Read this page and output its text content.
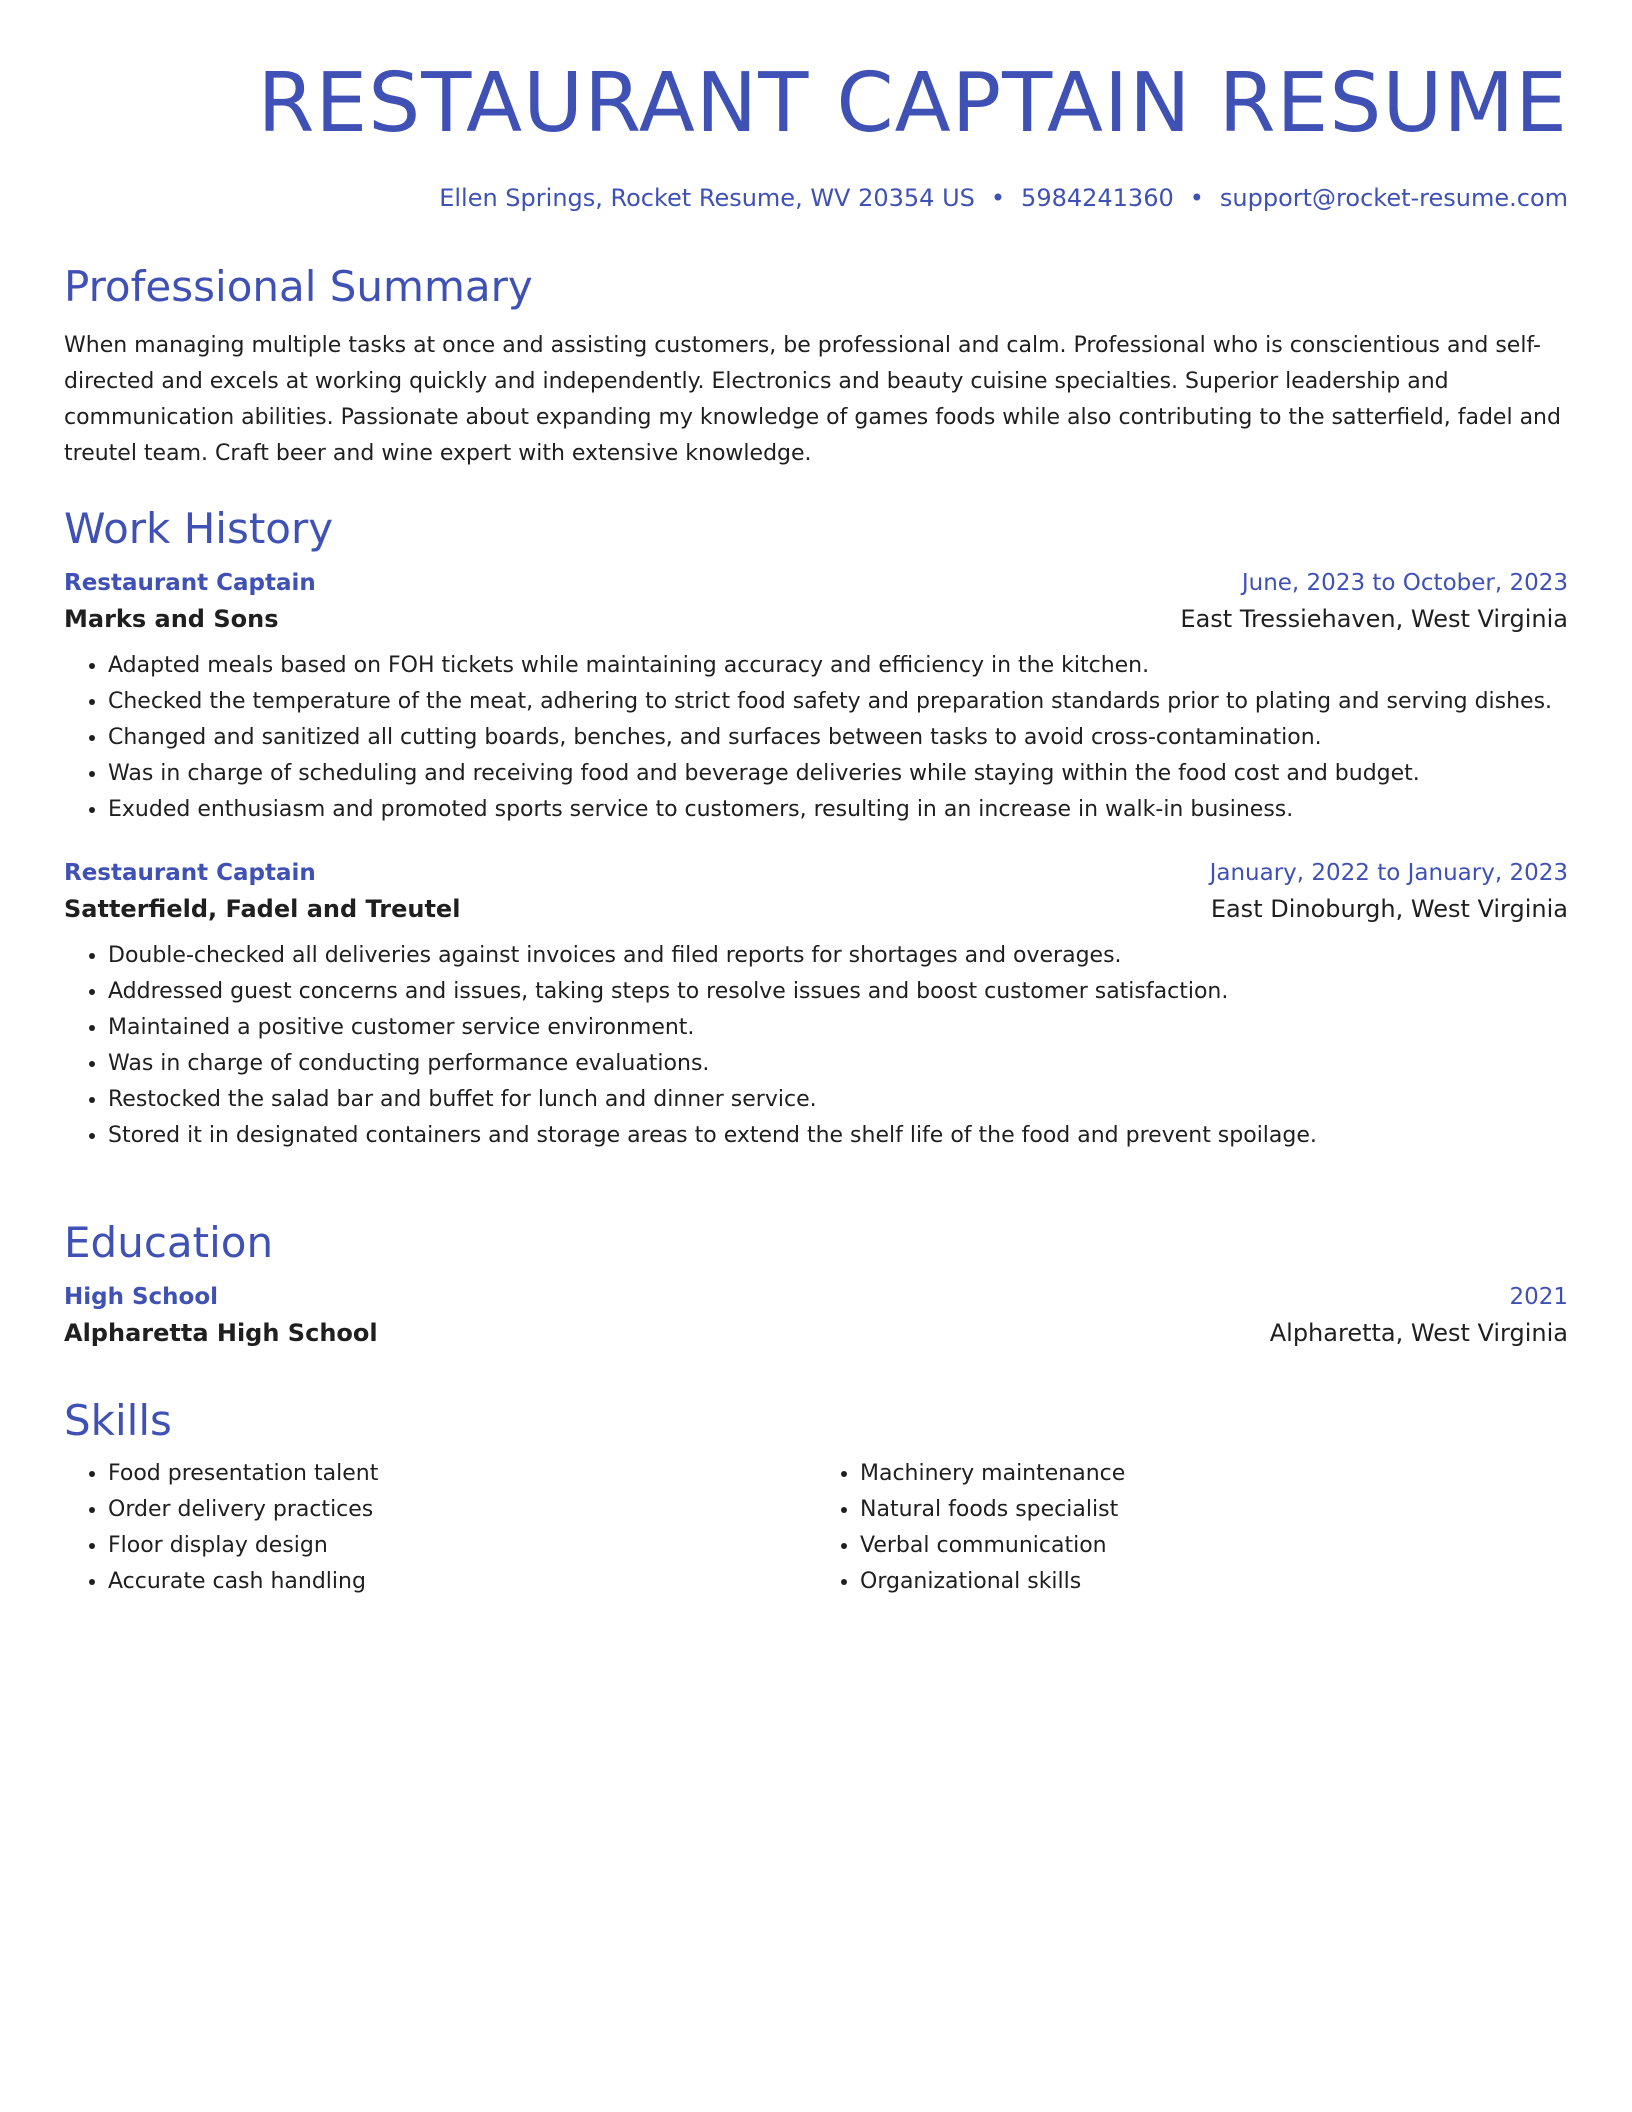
RESTAURANT CAPTAIN RESUME
Ellen Springs, Rocket Resume, WV 20354 US • 5984241360 • support@rocket-resume.com
Professional Summary

When managing multiple tasks at once and assisting customers, be professional and calm. Professional who is conscientious and self-directed and excels at working quickly and independently. Electronics and beauty cuisine specialties. Superior leadership and communication abilities. Passionate about expanding my knowledge of games foods while also contributing to the satterfield, fadel and treutel team. Craft beer and wine expert with extensive knowledge.

Work History
Restaurant Captain	June, 2023 to October, 2023
Marks and Sons	East Tressiehaven, West Virginia
• Adapted meals based on FOH tickets while maintaining accuracy and efficiency in the kitchen.
• Checked the temperature of the meat, adhering to strict food safety and preparation standards prior to plating and serving dishes.
• Changed and sanitized all cutting boards, benches, and surfaces between tasks to avoid cross-contamination.
• Was in charge of scheduling and receiving food and beverage deliveries while staying within the food cost and budget.
• Exuded enthusiasm and promoted sports service to customers, resulting in an increase in walk-in business.
Restaurant Captain	January, 2022 to January, 2023
Satterfield, Fadel and Treutel	East Dinoburgh, West Virginia
• Double-checked all deliveries against invoices and filed reports for shortages and overages.
• Addressed guest concerns and issues, taking steps to resolve issues and boost customer satisfaction.
• Maintained a positive customer service environment.
• Was in charge of conducting performance evaluations.
• Restocked the salad bar and buffet for lunch and dinner service.
• Stored it in designated containers and storage areas to extend the shelf life of the food and prevent spoilage.
Education
High School	2021
Alpharetta High School	Alpharetta, West Virginia
Skills
• Food presentation talent
• Order delivery practices
• Floor display design
• Accurate cash handling
• Machinery maintenance
• Natural foods specialist
• Verbal communication
• Organizational skills
